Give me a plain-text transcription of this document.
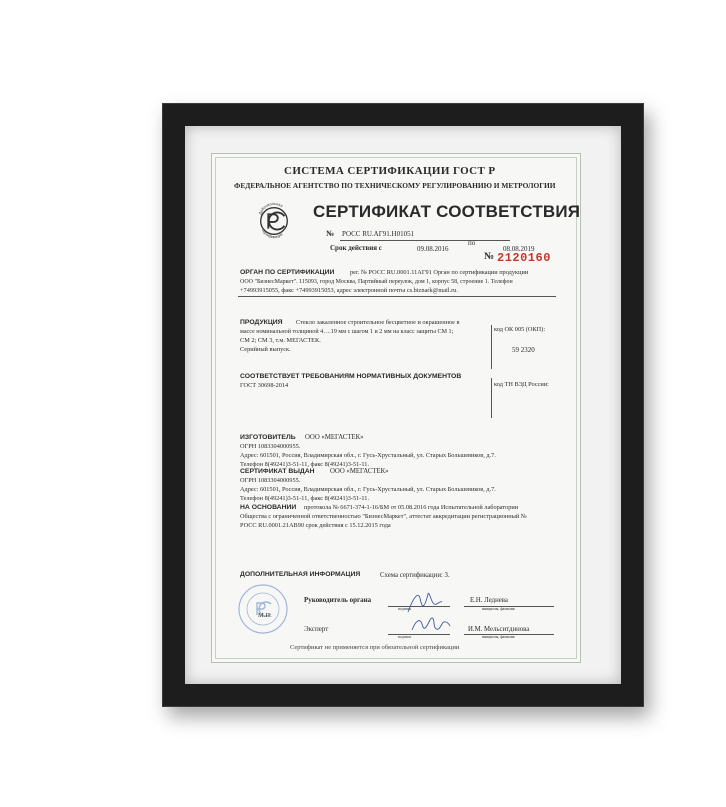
СИСТЕМА СЕРТИФИКАЦИИ ГОСТ Р
ФЕДЕРАЛЬНОЕ АГЕНТСТВО ПО ТЕХНИЧЕСКОМУ РЕГУЛИРОВАНИЮ И МЕТРОЛОГИИ
Добровольная
сертификация
СЕРТИФИКАТ СООТВЕТСТВИЯ
№ РОСС RU.АГ91.Н01051
Срок действия с	09.08.2016
по
08.08.2019
№ 2120160
ОРГАН ПО СЕРТИФИКАЦИИ рег. № РОСС RU.0001.11АГ91 Орган по сертификации продукции
ООО "БизнесМаркет". 115093, город Москва, Партийный переулок, дом 1, корпус 58, строение 1. Телефон
+74993915055, факс +74993915053, адрес электронной почты cs.biznark@mail.ru.
ПРОДУКЦИЯ Стекло закаленное строительное бесцветное и окрашенное в
массе номинальной толщиной 4….19 мм с шагом 1 и 2 мм на класс защиты СМ 1;
СМ 2; СМ 3, т.м. МЕГАСТЕК.
Серийный выпуск.
код ОК 005 (ОКП):
59 2320
СООТВЕТСТВУЕТ ТРЕБОВАНИЯМ НОРМАТИВНЫХ ДОКУМЕНТОВ
ГОСТ 30698-2014	код ТН ВЭД России:
ИЗГОТОВИТЕЛЬ ООО «МЕГАСТЕК»
ОГРН 1083304000955.
Адрес: 601501, Россия, Владимирская обл., г. Гусь-Хрустальный, ул. Старых Большевиков, д.7.
Телефон 8(49241)3-51-11, факс 8(49241)3-51-11.
СЕРТИФИКАТ ВЫДАН ООО «МЕГАСТЕК»
ОГРН 1083304000955.
Адрес: 601501, Россия, Владимирская обл., г. Гусь-Хрустальный, ул. Старых Большевиков, д.7.
Телефон 8(49241)3-51-11, факс 8(49241)3-51-11.
НА ОСНОВАНИИ протокола № 6671-374-1-16/БМ от 05.08.2016 года Испытательной лаборатории
Общества с ограниченной ответственностью "БизнесМаркет", аттестат аккредитации регистрационный №
РОСС RU.0001.21АВ90 срок действия с 15.12.2015 года
ДОПОЛНИТЕЛЬНАЯ ИНФОРМАЦИЯ	Схема сертификации: 3.
М.П.
Руководитель органа
подпись
Е.Н. Леднева
инициалы, фамилия
Эксперт
подпись
И.М. Мельситдинова
инициалы, фамилия
Сертификат не применяется при обязательной сертификации
